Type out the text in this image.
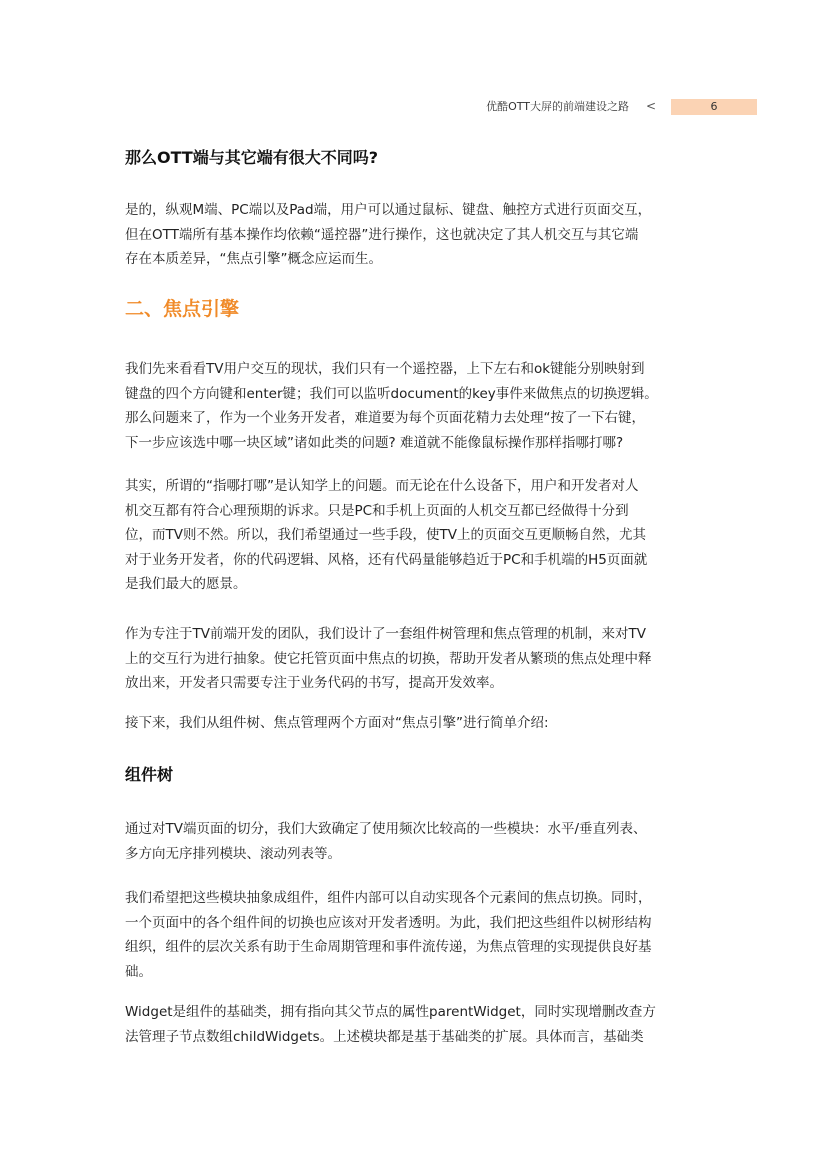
优酷OTT大屏的前端建设之路 <	6
那么OTT端与其它端有很大不同吗?
是的，纵观M端、PC端以及Pad端，用户可以通过鼠标、键盘、触控方式进行页面交互，
但在OTT端所有基本操作均依赖“遥控器”进行操作，这也就决定了其人机交互与其它端
存在本质差异，“焦点引擎”概念应运而生。
二、焦点引擎
我们先来看看TV用户交互的现状，我们只有一个遥控器，上下左右和ok键能分别映射到
键盘的四个方向键和enter键；我们可以监听document的key事件来做焦点的切换逻辑。
那么问题来了，作为一个业务开发者，难道要为每个页面花精力去处理“按了一下右键，
下一步应该选中哪一块区域”诸如此类的问题? 难道就不能像鼠标操作那样指哪打哪?
其实，所谓的“指哪打哪”是认知学上的问题。而无论在什么设备下，用户和开发者对人
机交互都有符合心理预期的诉求。只是PC和手机上页面的人机交互都已经做得十分到
位，而TV则不然。所以，我们希望通过一些手段，使TV上的页面交互更顺畅自然，尤其
对于业务开发者，你的代码逻辑、风格，还有代码量能够趋近于PC和手机端的H5页面就
是我们最大的愿景。
作为专注于TV前端开发的团队，我们设计了一套组件树管理和焦点管理的机制，来对TV
上的交互行为进行抽象。使它托管页面中焦点的切换，帮助开发者从繁琐的焦点处理中释
放出来，开发者只需要专注于业务代码的书写，提高开发效率。
接下来，我们从组件树、焦点管理两个方面对“焦点引擎”进行简单介绍:
组件树
通过对TV端页面的切分，我们大致确定了使用频次比较高的一些模块：水平/垂直列表、
多方向无序排列模块、滚动列表等。
我们希望把这些模块抽象成组件，组件内部可以自动实现各个元素间的焦点切换。同时，
一个页面中的各个组件间的切换也应该对开发者透明。为此，我们把这些组件以树形结构
组织，组件的层次关系有助于生命周期管理和事件流传递，为焦点管理的实现提供良好基
础。
Widget是组件的基础类，拥有指向其父节点的属性parentWidget，同时实现增删改查方
法管理子节点数组childWidgets。上述模块都是基于基础类的扩展。具体而言，基础类
